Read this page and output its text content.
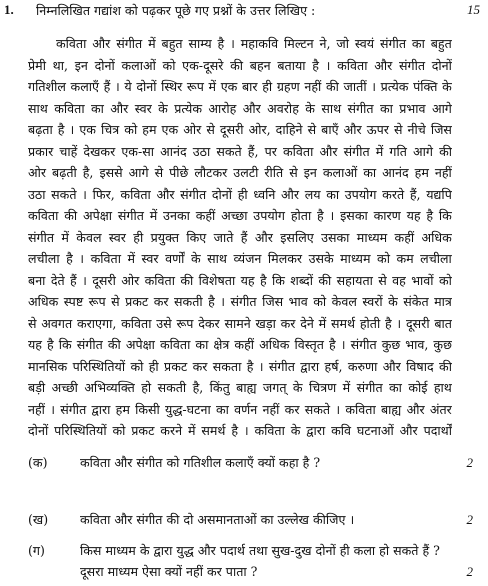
1. निम्नलिखित गद्यांश को पढ़कर पूछे गए प्रश्नों के उत्तर लिखिए :	15
कविता और संगीत में बहुत साम्य है । महाकवि मिल्टन ने, जो स्वयं संगीत का बहुत
प्रेमी था, इन दोनों कलाओं को एक-दूसरे की बहन बताया है । कविता और संगीत दोनों
गतिशील कलाएँ हैं । ये दोनों स्थिर रूप में एक बार ही ग्रहण नहीं की जातीं । प्रत्येक पंक्ति के
साथ कविता का और स्वर के प्रत्येक आरोह और अवरोह के साथ संगीत का प्रभाव आगे
बढ़ता है । एक चित्र को हम एक ओर से दूसरी ओर, दाहिने से बाएँ और ऊपर से नीचे जिस
प्रकार चाहें देखकर एक-सा आनंद उठा सकते हैं, पर कविता और संगीत में गति आगे की
ओर बढ़ती है, इससे आगे से पीछे लौटकर उलटी रीति से इन कलाओं का आनंद हम नहीं
उठा सकते । फिर, कविता और संगीत दोनों ही ध्वनि और लय का उपयोग करते हैं, यद्यपि
कविता की अपेक्षा संगीत में उनका कहीं अच्छा उपयोग होता है । इसका कारण यह है कि
संगीत में केवल स्वर ही प्रयुक्त किए जाते हैं और इसलिए उसका माध्यम कहीं अधिक
लचीला है । कविता में स्वर वर्णों के साथ व्यंजन मिलकर उसके माध्यम को कम लचीला
बना देते हैं । दूसरी ओर कविता की विशेषता यह है कि शब्दों की सहायता से वह भावों को
अधिक स्पष्ट रूप से प्रकट कर सकती है । संगीत जिस भाव को केवल स्वरों के संकेत मात्र
से अवगत कराएगा, कविता उसे रूप देकर सामने खड़ा कर देने में समर्थ होती है । दूसरी बात
यह है कि संगीत की अपेक्षा कविता का क्षेत्र कहीं अधिक विस्तृत है । संगीत कुछ भाव, कुछ
मानसिक परिस्थितियों को ही प्रकट कर सकता है । संगीत द्वारा हर्ष, करुणा और विषाद की
बड़ी अच्छी अभिव्यक्ति हो सकती है, किंतु बाह्य जगत् के चित्रण में संगीत का कोई हाथ
नहीं । संगीत द्वारा हम किसी युद्ध-घटना का वर्णन नहीं कर सकते । कविता बाह्य और अंतर
दोनों परिस्थितियों को प्रकट करने में समर्थ है । कविता के द्वारा कवि घटनाओं और पदार्थों
(क)	कविता और संगीत को गतिशील कलाएँ क्यों कहा है ?	2
(ख)	कविता और संगीत की दो असमानताओं का उल्लेख कीजिए ।	2
(ग)	किस माध्यम के द्वारा युद्ध और पदार्थ तथा सुख-दुख दोनों ही कला हो सकते हैं ? दूसरा माध्यम ऐसा क्यों नहीं कर पाता ?	2
